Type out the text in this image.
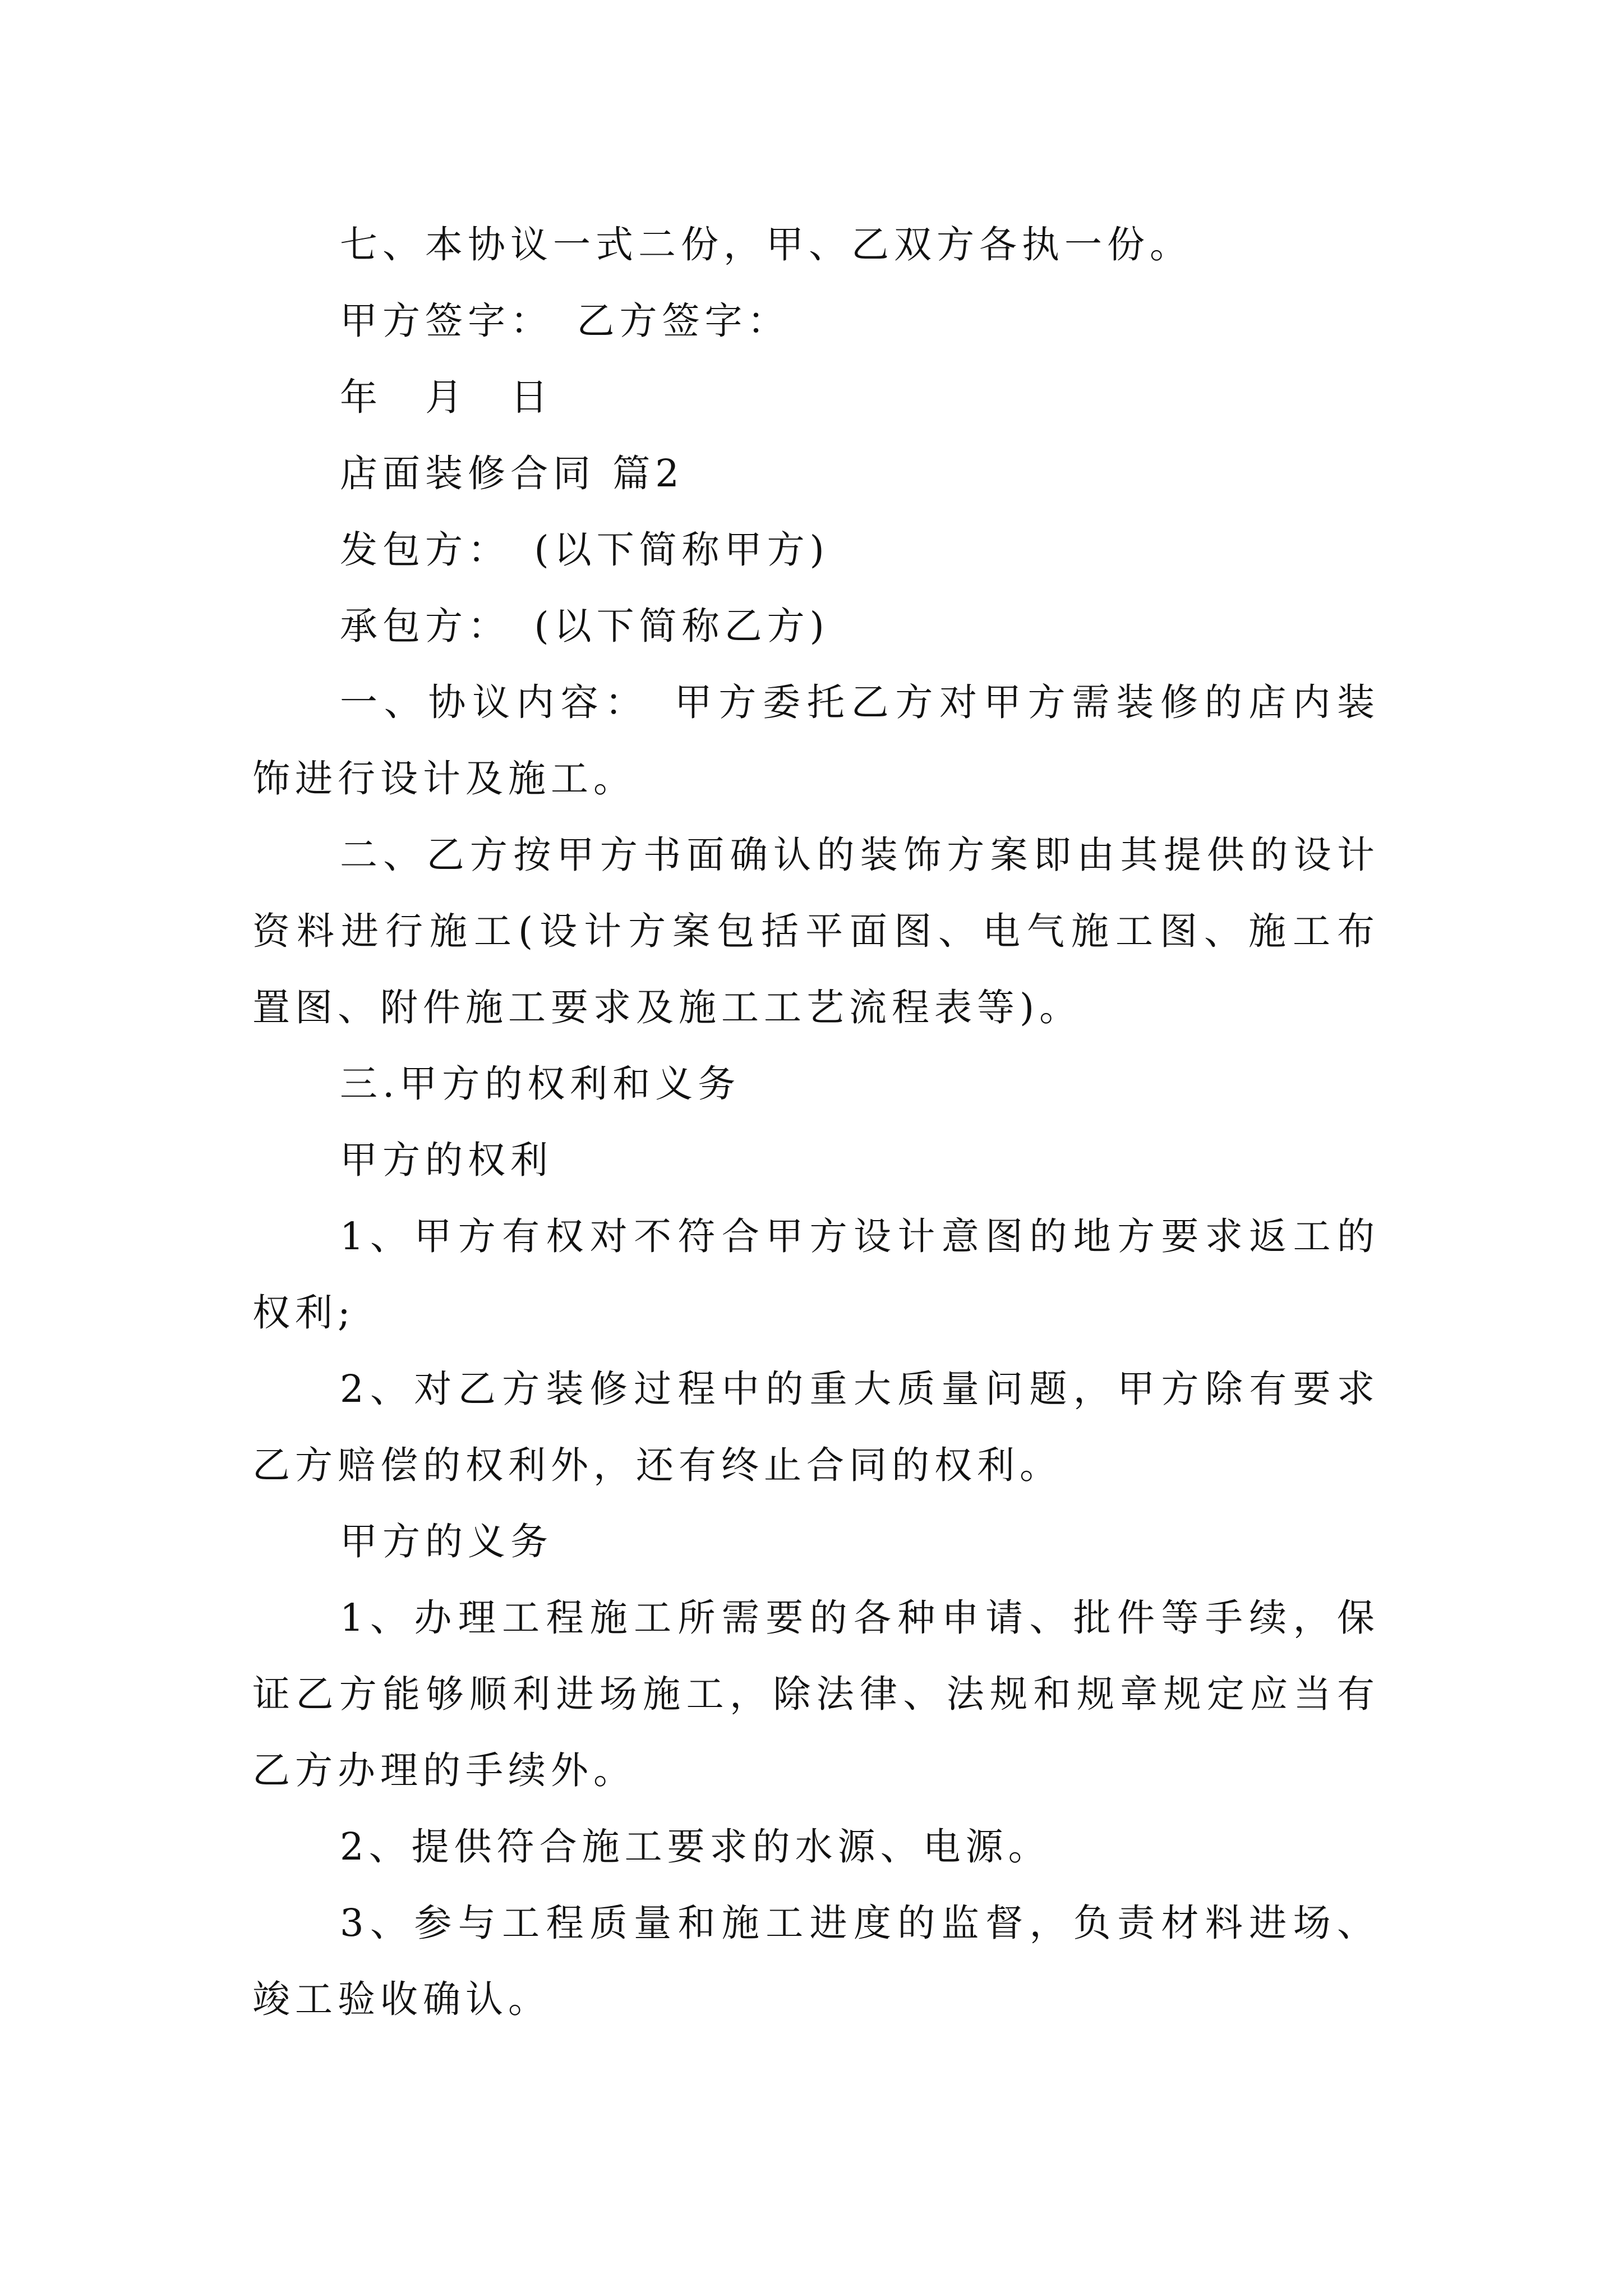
七、本协议一式二份，甲、乙双方各执一份。

甲方签字：　乙方签字：

年　月　日

店面装修合同 篇2

发包方：　(以下简称甲方)

承包方：　(以下简称乙方)

一、协议内容：　甲方委托乙方对甲方需装修的店内装饰进行设计及施工。

二、乙方按甲方书面确认的装饰方案即由其提供的设计资料进行施工(设计方案包括平面图、电气施工图、施工布置图、附件施工要求及施工工艺流程表等)。

三.甲方的权利和义务

甲方的权利

1、甲方有权对不符合甲方设计意图的地方要求返工的权利;

2、对乙方装修过程中的重大质量问题，甲方除有要求乙方赔偿的权利外，还有终止合同的权利。

甲方的义务

1、办理工程施工所需要的各种申请、批件等手续，保证乙方能够顺利进场施工，除法律、法规和规章规定应当有乙方办理的手续外。

2、提供符合施工要求的水源、电源。

3、参与工程质量和施工进度的监督，负责材料进场、竣工验收确认。
